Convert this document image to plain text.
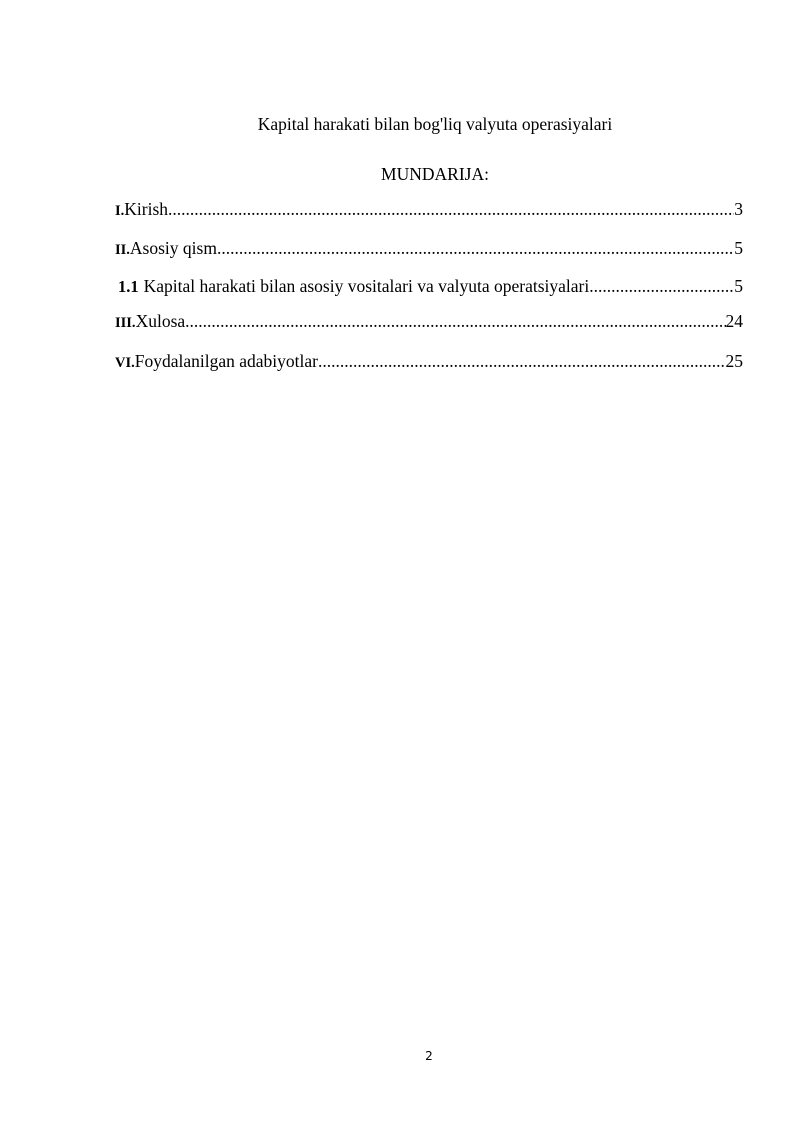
Kapital harakati bilan bog'liq valyuta operasiyalari
MUNDARIJA:
I. Kirish .....	3
II. Asosiy qism .....	5
1.1 Kapital harakati bilan asosiy vositalari va valyuta operatsiyalari .....	5
III. Xulosa .....	24
VI. Foydalanilgan adabiyotlar .....	25
2
